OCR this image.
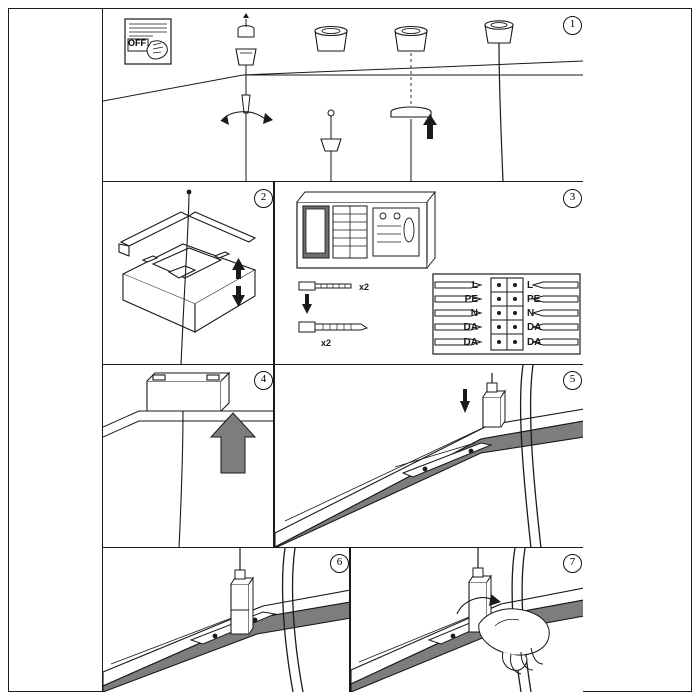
1
2
x2
x2
L
PE
N
DA
DA
L
PE
N
DA
DA
3
4	5
6	7
OFF
